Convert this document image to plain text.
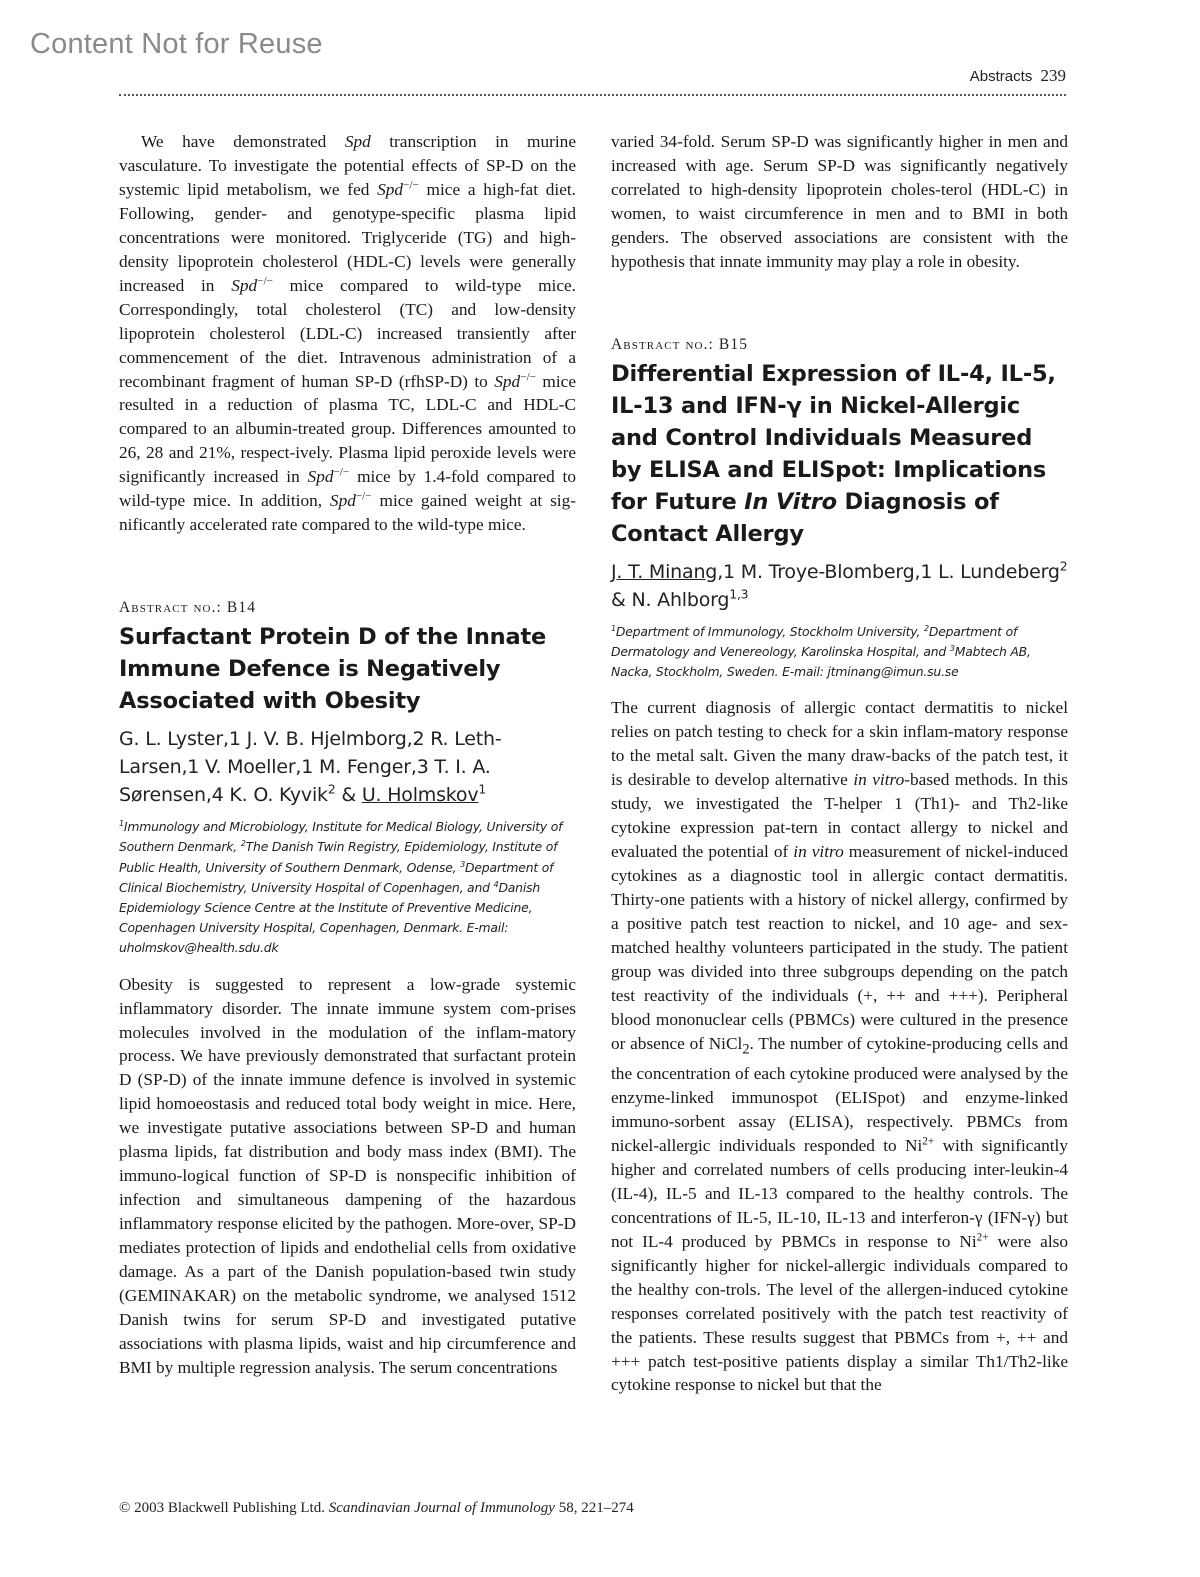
Content Not for Reuse
Abstracts 239

We have demonstrated Spd transcription in murine vasculature. To investigate the potential effects of SP-D on the systemic lipid metabolism, we fed Spd−/− mice a high-fat diet. Following, gender- and genotype-specific plasma lipid concentrations were monitored. Triglyceride (TG) and high-density lipoprotein cholesterol (HDL-C) levels were generally increased in Spd−/− mice compared to wild-type mice. Correspondingly, total cholesterol (TC) and low-density lipoprotein cholesterol (LDL-C) increased transiently after commencement of the diet. Intravenous administration of a recombinant fragment of human SP-D (rfhSP-D) to Spd−/− mice resulted in a reduction of plasma TC, LDL-C and HDL-C compared to an albumin-treated group. Differences amounted to 26, 28 and 21%, respect-ively. Plasma lipid peroxide levels were significantly increased in Spd−/− mice by 1.4-fold compared to wild-type mice. In addition, Spd−/− mice gained weight at sig-nificantly accelerated rate compared to the wild-type mice.

Abstract no.: B14
Surfactant Protein D of the Innate Immune Defence is Negatively Associated with Obesity
G. L. Lyster,1 J. V. B. Hjelmborg,2 R. Leth-Larsen,1 V. Moeller,1 M. Fenger,3 T. I. A. Sørensen,4 K. O. Kyvik$^2$ & U. Holmskov$^1$
$^1$Immunology and Microbiology, Institute for Medical Biology, University of Southern Denmark, $^2$The Danish Twin Registry, Epidemiology, Institute of Public Health, University of Southern Denmark, Odense, $^3$Department of Clinical Biochemistry, University Hospital of Copenhagen, and $^4$Danish Epidemiology Science Centre at the Institute of Preventive Medicine, Copenhagen University Hospital, Copenhagen, Denmark. E-mail: uholmskov@health.sdu.dk

Obesity is suggested to represent a low-grade systemic inflammatory disorder. The innate immune system com-prises molecules involved in the modulation of the inflam-matory process. We have previously demonstrated that surfactant protein D (SP-D) of the innate immune defence is involved in systemic lipid homoeostasis and reduced total body weight in mice. Here, we investigate putative associations between SP-D and human plasma lipids, fat distribution and body mass index (BMI). The immuno-logical function of SP-D is nonspecific inhibition of infection and simultaneous dampening of the hazardous inflammatory response elicited by the pathogen. More-over, SP-D mediates protection of lipids and endothelial cells from oxidative damage. As a part of the Danish population-based twin study (GEMINAKAR) on the metabolic syndrome, we analysed 1512 Danish twins for serum SP-D and investigated putative associations with plasma lipids, waist and hip circumference and BMI by multiple regression analysis. The serum concentrations

varied 34-fold. Serum SP-D was significantly higher in men and increased with age. Serum SP-D was significantly negatively correlated to high-density lipoprotein choles-terol (HDL-C) in women, to waist circumference in men and to BMI in both genders. The observed associations are consistent with the hypothesis that innate immunity may play a role in obesity.

Abstract no.: B15
Differential Expression of IL-4, IL-5, IL-13 and IFN-γ in Nickel-Allergic and Control Individuals Measured by ELISA and ELISpot: Implications for Future In Vitro Diagnosis of Contact Allergy
J. T. Minang,1 M. Troye-Blomberg,1 L. Lundeberg$^2$ & N. Ahlborg$^{1,3}$
$^1$Department of Immunology, Stockholm University, $^2$Department of Dermatology and Venereology, Karolinska Hospital, and $^3$Mabtech AB, Nacka, Stockholm, Sweden. E-mail: jtminang@imun.su.se

The current diagnosis of allergic contact dermatitis to nickel relies on patch testing to check for a skin inflam-matory response to the metal salt. Given the many draw-backs of the patch test, it is desirable to develop alternative in vitro-based methods. In this study, we investigated the T-helper 1 (Th1)- and Th2-like cytokine expression pat-tern in contact allergy to nickel and evaluated the potential of in vitro measurement of nickel-induced cytokines as a diagnostic tool in allergic contact dermatitis. Thirty-one patients with a history of nickel allergy, confirmed by a positive patch test reaction to nickel, and 10 age- and sex-matched healthy volunteers participated in the study. The patient group was divided into three subgroups depending on the patch test reactivity of the individuals (+, ++ and +++). Peripheral blood mononuclear cells (PBMCs) were cultured in the presence or absence of NiCl$_2$. The number of cytokine-producing cells and the concentration of each cytokine produced were analysed by the enzyme-linked immunospot (ELISpot) and enzyme-linked immuno-sorbent assay (ELISA), respectively. PBMCs from nickel-allergic individuals responded to $Ni^{2+}$ with significantly higher and correlated numbers of cells producing inter-leukin-4 (IL-4), IL-5 and IL-13 compared to the healthy controls. The concentrations of IL-5, IL-10, IL-13 and interferon-γ (IFN-γ) but not IL-4 produced by PBMCs in response to $Ni^{2+}$ were also significantly higher for nickel-allergic individuals compared to the healthy con-trols. The level of the allergen-induced cytokine responses correlated positively with the patch test reactivity of the patients. These results suggest that PBMCs from +, ++ and +++ patch test-positive patients display a similar Th1/Th2-like cytokine response to nickel but that the

© 2003 Blackwell Publishing Ltd. Scandinavian Journal of Immunology 58, 221–274
